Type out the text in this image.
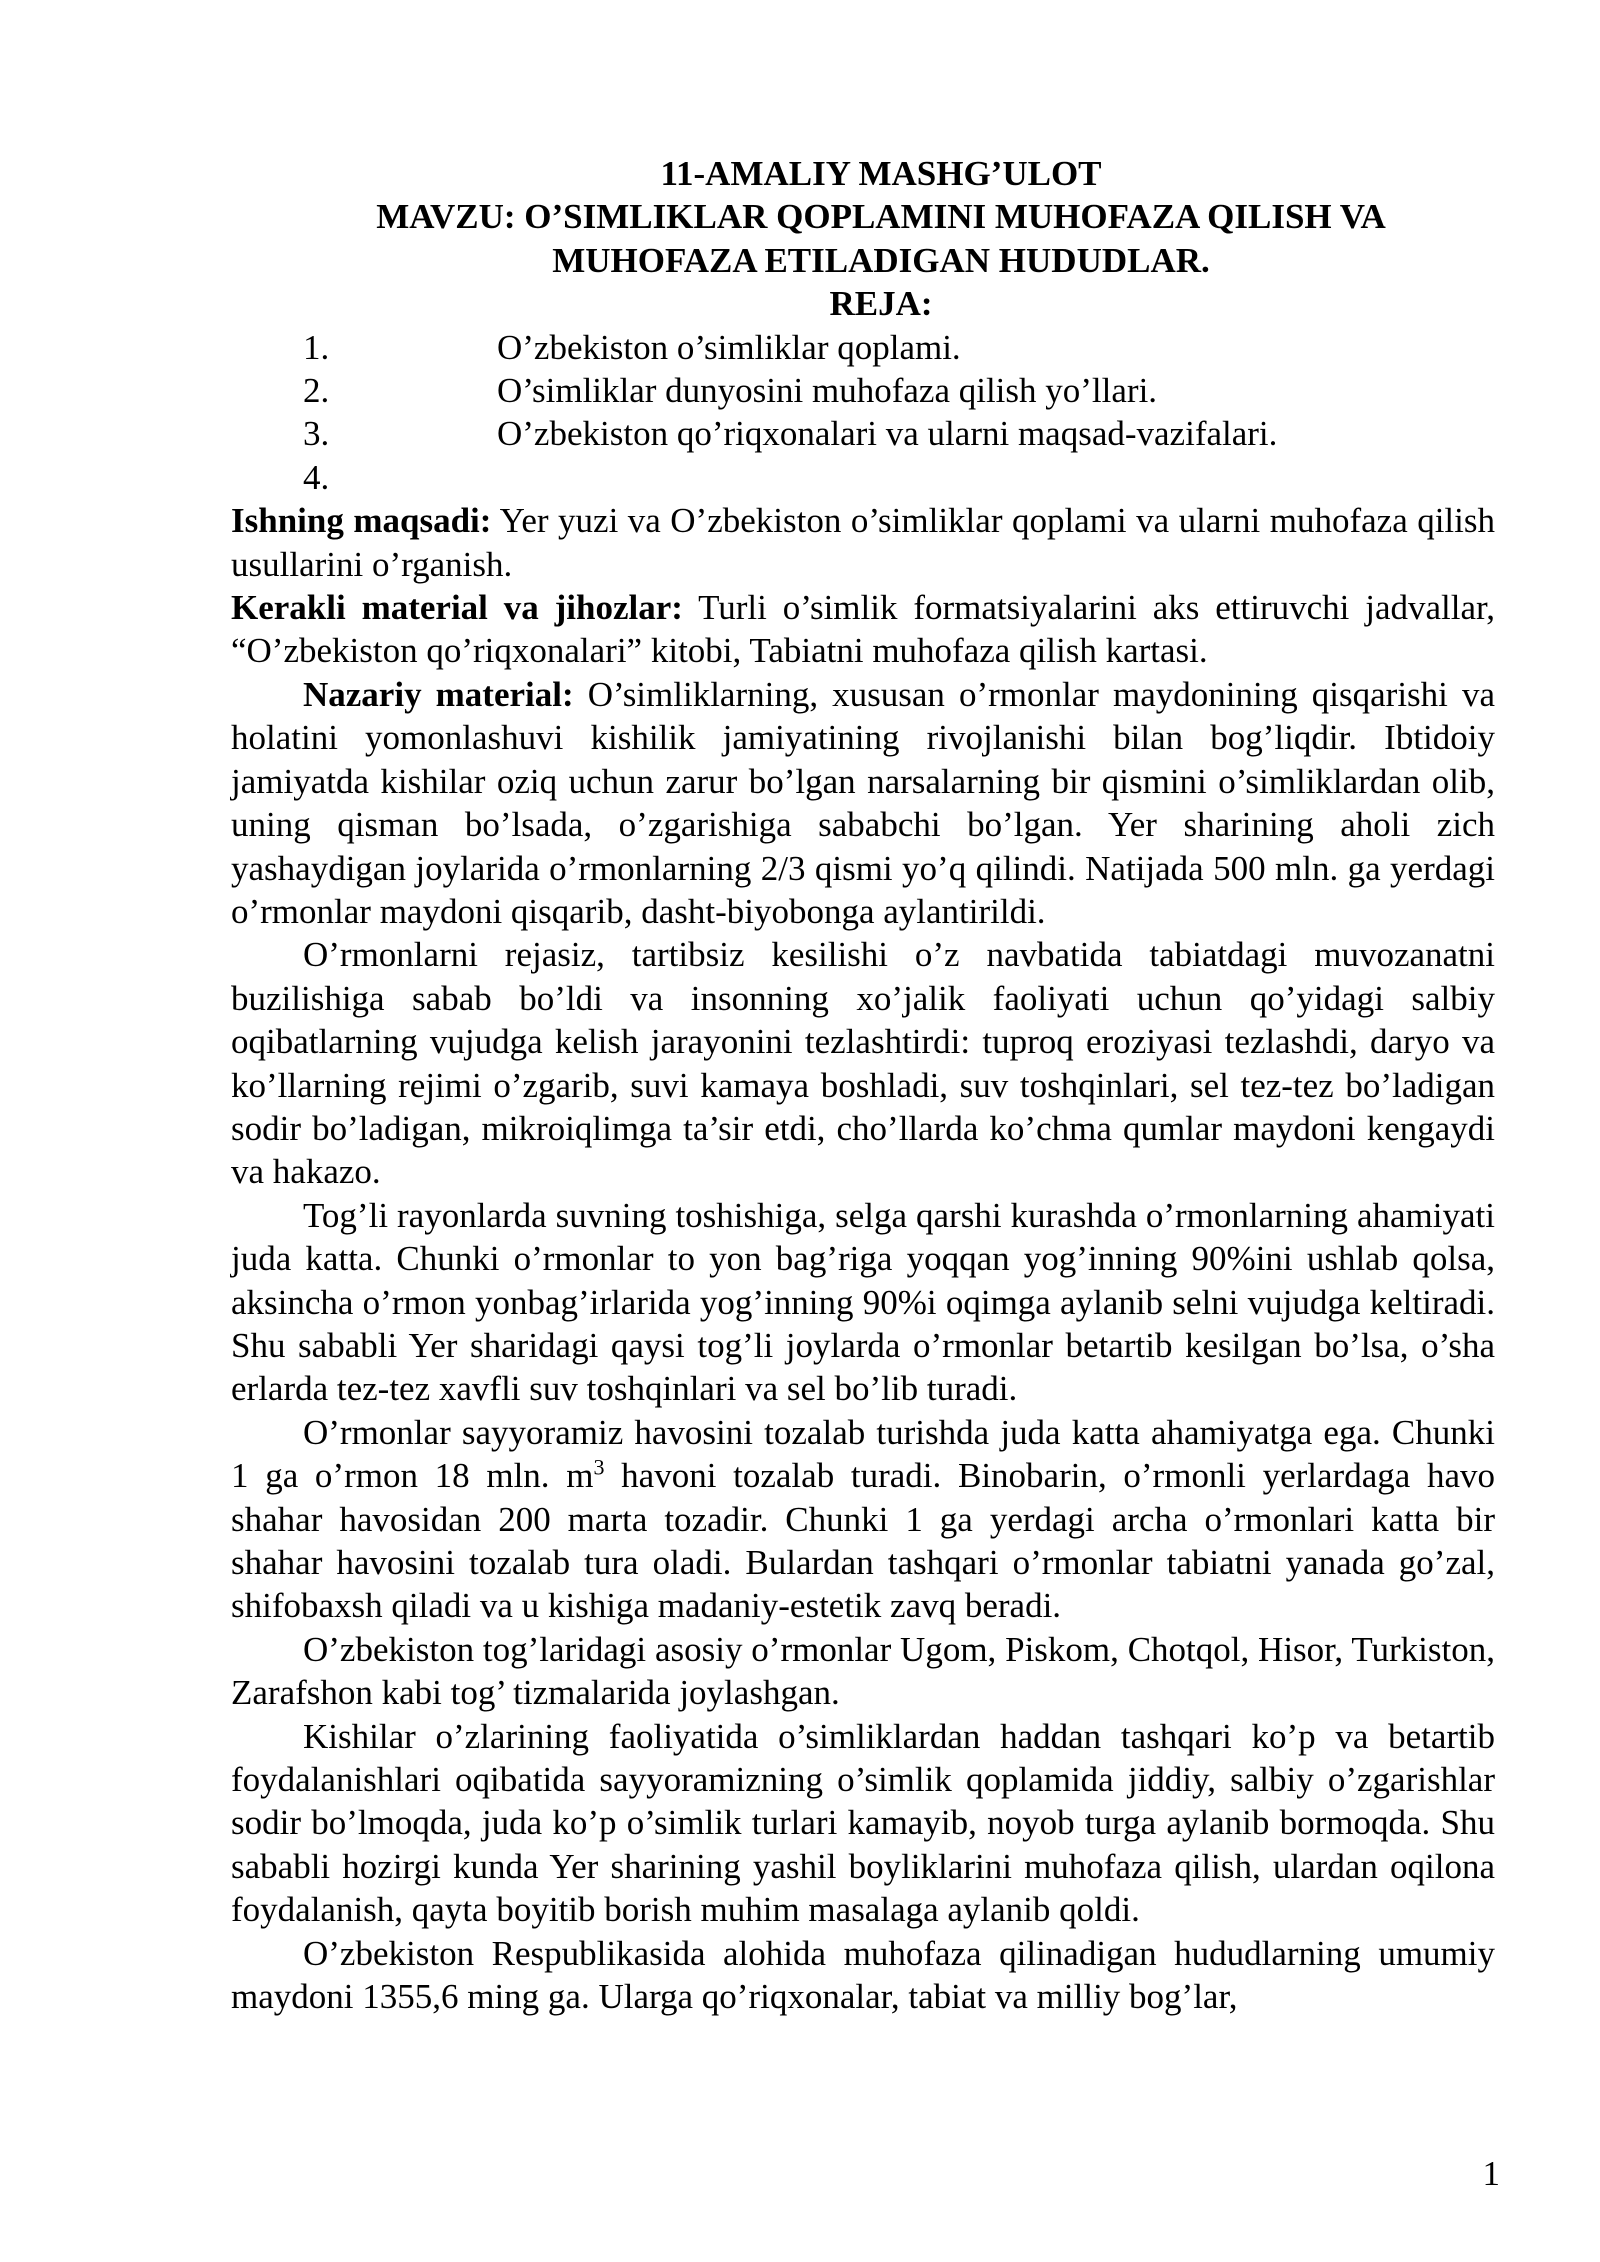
11-AMALIY MASHG’ULOT
MAVZU: O’SIMLIKLAR QOPLAMINI MUHOFAZA QILISH VA
MUHOFAZA ETILADIGAN HUDUDLAR.
REJA:
1.	O’zbekiston o’simliklar qoplami.
2.	O’simliklar dunyosini muhofaza qilish yo’llari.
3.	O’zbekiston qo’riqxonalari va ularni maqsad-vazifalari.
4.

Ishning maqsadi: Yer yuzi va O’zbekiston o’simliklar qoplami va ularni muhofaza qilish usullarini o’rganish.

Kerakli material va jihozlar: Turli o’simlik formatsiyalarini aks ettiruvchi jadvallar, “O’zbekiston qo’riqxonalari” kitobi, Tabiatni muhofaza qilish kartasi.

Nazariy material: O’simliklarning, xususan o’rmonlar maydonining qisqarishi va holatini yomonlashuvi kishilik jamiyatining rivojlanishi bilan bog’liqdir. Ibtidoiy jamiyatda kishilar oziq uchun zarur bo’lgan narsalarning bir qismini o’simliklardan olib, uning qisman bo’lsada, o’zgarishiga sababchi bo’lgan. Yer sharining aholi zich yashaydigan joylarida o’rmonlarning 2/3 qismi yo’q qilindi. Natijada 500 mln. ga yerdagi o’rmonlar maydoni qisqarib, dasht-biyobonga aylantirildi.

O’rmonlarni rejasiz, tartibsiz kesilishi o’z navbatida tabiatdagi muvozanatni buzilishiga sabab bo’ldi va insonning xo’jalik faoliyati uchun qo’yidagi salbiy oqibatlarning vujudga kelish jarayonini tezlashtirdi: tuproq eroziyasi tezlashdi, daryo va ko’llarning rejimi o’zgarib, suvi kamaya boshladi, suv toshqinlari, sel tez-tez bo’ladigan sodir bo’ladigan, mikroiqlimga ta’sir etdi, cho’llarda ko’chma qumlar maydoni kengaydi va hakazo.

Tog’li rayonlarda suvning toshishiga, selga qarshi kurashda o’rmonlarning ahamiyati juda katta. Chunki o’rmonlar to yon bag’riga yoqqan yog’inning 90%ini ushlab qolsa, aksincha o’rmon yonbag’irlarida yog’inning 90%i oqimga aylanib selni vujudga keltiradi. Shu sababli Yer sharidagi qaysi tog’li joylarda o’rmonlar betartib kesilgan bo’lsa, o’sha erlarda tez-tez xavfli suv toshqinlari va sel bo’lib turadi.

O’rmonlar sayyoramiz havosini tozalab turishda juda katta ahamiyatga ega. Chunki 1 ga o’rmon 18 mln. $m^3$ havoni tozalab turadi. Binobarin, o’rmonli yerlardaga havo shahar havosidan 200 marta tozadir. Chunki 1 ga yerdagi archa o’rmonlari katta bir shahar havosini tozalab tura oladi. Bulardan tashqari o’rmonlar tabiatni yanada go’zal, shifobaxsh qiladi va u kishiga madaniy-estetik zavq beradi.

O’zbekiston tog’laridagi asosiy o’rmonlar Ugom, Piskom, Chotqol, Hisor, Turkiston, Zarafshon kabi tog’ tizmalarida joylashgan.

Kishilar o’zlarining faoliyatida o’simliklardan haddan tashqari ko’p va betartib foydalanishlari oqibatida sayyoramizning o’simlik qoplamida jiddiy, salbiy o’zgarishlar sodir bo’lmoqda, juda ko’p o’simlik turlari kamayib, noyob turga aylanib bormoqda. Shu sababli hozirgi kunda Yer sharining yashil boyliklarini muhofaza qilish, ulardan oqilona foydalanish, qayta boyitib borish muhim masalaga aylanib qoldi.

O’zbekiston Respublikasida alohida muhofaza qilinadigan hududlarning umumiy maydoni 1355,6 ming ga. Ularga qo’riqxonalar, tabiat va milliy bog’lar,

1
